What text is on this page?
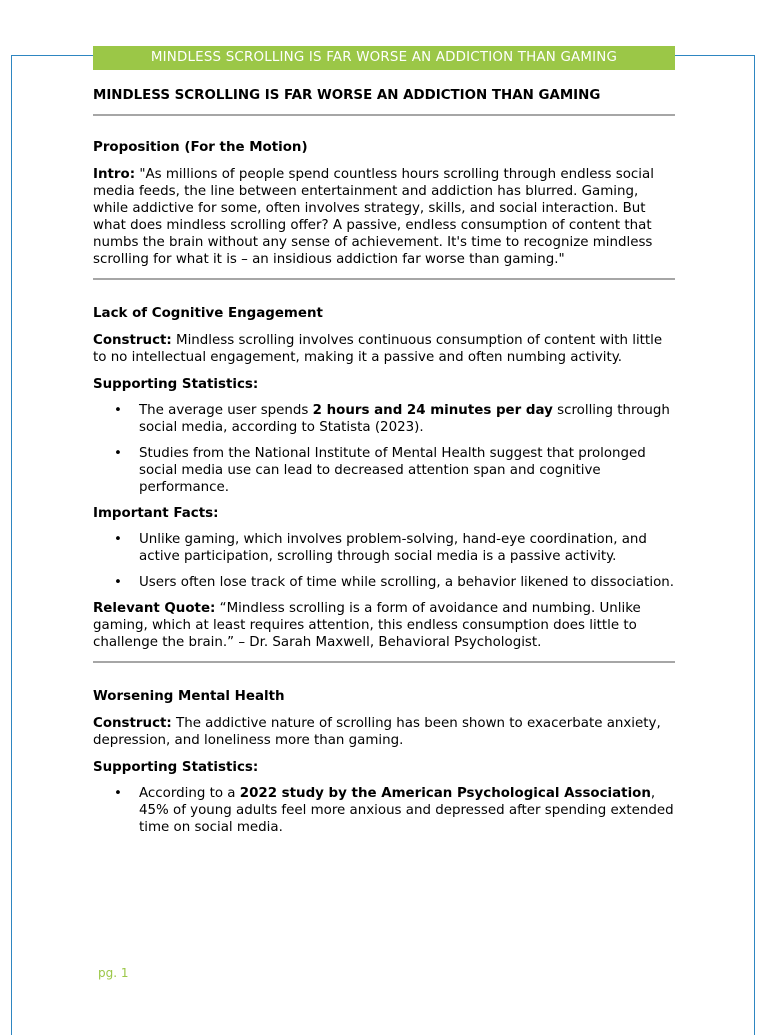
MINDLESS SCROLLING IS FAR WORSE AN ADDICTION THAN GAMING
MINDLESS SCROLLING IS FAR WORSE AN ADDICTION THAN GAMING
Proposition (For the Motion)

Intro: "As millions of people spend countless hours scrolling through endless social media feeds, the line between entertainment and addiction has blurred. Gaming, while addictive for some, often involves strategy, skills, and social interaction. But what does mindless scrolling offer? A passive, endless consumption of content that numbs the brain without any sense of achievement. It's time to recognize mindless scrolling for what it is – an insidious addiction far worse than gaming."

Lack of Cognitive Engagement

Construct: Mindless scrolling involves continuous consumption of content with little to no intellectual engagement, making it a passive and often numbing activity.

Supporting Statistics:

• The average user spends 2 hours and 24 minutes per day scrolling through social media, according to Statista (2023).
• Studies from the National Institute of Mental Health suggest that prolonged social media use can lead to decreased attention span and cognitive performance.

Important Facts:

• Unlike gaming, which involves problem-solving, hand-eye coordination, and active participation, scrolling through social media is a passive activity.
• Users often lose track of time while scrolling, a behavior likened to dissociation.

Relevant Quote: “Mindless scrolling is a form of avoidance and numbing. Unlike gaming, which at least requires attention, this endless consumption does little to challenge the brain.” – Dr. Sarah Maxwell, Behavioral Psychologist.

Worsening Mental Health

Construct: The addictive nature of scrolling has been shown to exacerbate anxiety, depression, and loneliness more than gaming.

Supporting Statistics:

• According to a 2022 study by the American Psychological Association, 45% of young adults feel more anxious and depressed after spending extended time on social media.
pg. 1
